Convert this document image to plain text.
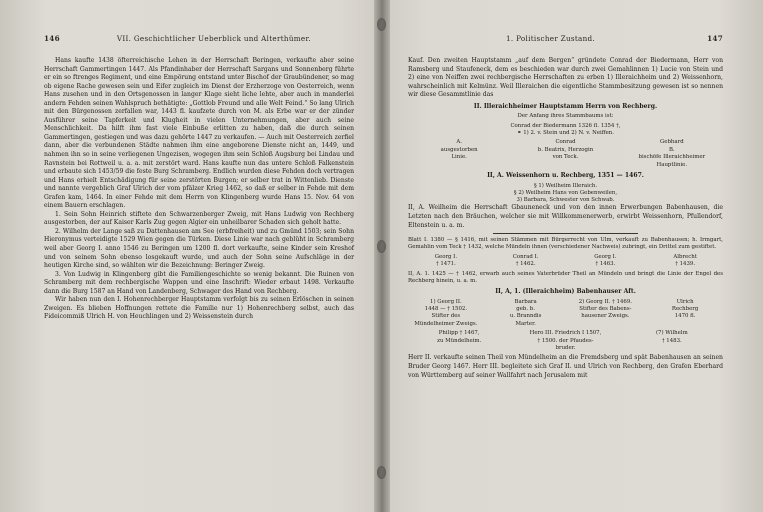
146	VII. Geschichtlicher Ueberblick und Alterthümer.

Hans kaufte 1438 öfterreichische Lehen in der Herrschaft Beringen, verkaufte aber seine Herrschaft Gammertingen 1447. Als Pfandinhaber der Herrschaft Sargans und Sonnenberg führte er ein so ftrenges Regiment, und eine Empörung entstand unter Bischof der Graubündener, so mag ob eigene Rache gewesen sein und Eifer zugleich im Dienst der Erzherzoge von Oesterreich, wenn Hans zusehen und in den Ortsgenossen in langer Klage sieht liche lehte, aber auch in manderlei andern Fehden seinen Wahlspruch bethätigte: „Gottlob Freund und alle Welt Feind.“ So lang Ulrich mit den Bürgenossen zerfallen war, 1443 fl. kaufzete durch von M. als Erbe war er der zünder Ausführer seine Tapferkeit und Klugheit in vielen Unternehmungen, aber auch seine Menschlichkeit. Da hilft ihm fast viele Einbuße erlitten zu haben, daß die durch seinen Gammertingen, gestiegen und was dazu gehörte 1447 zu verkaufen. — Auch mit Oesterreich zerfiel dann, aber die verbundenen Städte nahmen ihm eine angeborene Dienste nicht an, 1449, und nahmen ihn so in seine verliegenen Ungezisen, wogegen ihm sein Schloß Augsburg bei Lindau und Ravnstein bei Rottweil u. a. a. mit zerstört ward. Hans kaufte nun das untere Schloß Falkenstein und erbaute sich 1453/59 die feste Burg Schramberg. Endlich wurden diese Fehden doch vertragen und Hans erhielt Entschädigung für seine zerstörten Burgen; er selber trat in Wittenlieb. Dienste und nannte vergeblich Graf Ulrich der vom pfälzer Krieg 1462, so daß er selber in Fehde mit dem Grafen kam, 1464. In einer Fehde mit dem Herrn von Klingenberg wurde Hans 15. Nov. 64 von einem Bauern erschlagen.

1. Sein Sohn Heinrich stiftete den Schwarzenberger Zweig, mit Hans Ludwig von Rechberg ausgestorben, der auf Kaiser Karls Zug gegen Algier ein unheilbarer Schaden sich geholt hatte.

2. Wilhelm der Lange saß zu Dattenhausen am See (erbfreiheit) und zu Gmünd 1503; sein Sohn Hieronymus verteidigte 1529 Wien gegen die Türken. Diese Linie war nach geblüht in Schramberg weil aber Georg I. anno 1546 zu Beringen um 1200 fl. dort verkaufte, seine Kinder sein Kreshof und von seinem Sohn ebenso losgekauft wurde, und auch der Sohn seine Aufschläge in der heutigen Kirche sind, so wählten wir die Bezeichnung: Beringer Zweig.

3. Von Ludwig in Klingenberg gibt die Familiengeschichte so wenig bekannt. Die Ruinen von Schramberg mit dem rechbergische Wappen und eine Inschrift: Wieder erbaut 1498. Verkaufte dann die Burg 1587 an Hand von Landenberg, Schwager des Hand von Rechberg.

Wir haben nun den I. Hohenrechberger Hauptstamm verfolgt bis zu seinen Erlöschen in seinen Zweigen. Es blieben Hoffnungen rettete die Familie nur 1) Hohenrechberg selbst, auch das Fideicommiß Ulrich H. von Heuchlingen und 2) Weissenstein durch

1. Politischer Zustand.	147

Kauf. Den zweiten Hauptstamm „auf dem Bergen“ gründete Conrad der Biedermann, Herr von Ramsberg und Staufeneck, dem es beschieden war durch zwei Gemahlinnen 1) Lucie von Stein und 2) eine von Neiffen zwei rechbergische Herrschaften zu erben 1) Illeraichheim und 2) Weissenhorn, wahrscheinlich mit Kelmünz. Weil Illeraichen die eigentliche Stammbesitzung gewesen ist so nennen wir diese Gesammtlinie das

II. Illeraichheimer Hauptstamm Herrn von Rechberg.
Der Anfang ihres Stammbaums ist:
Conrad der Biedermann 1326 fl. 1354 †,
⚭ 1) 2. v. Stein und 2) N. v. Neiffen.
A.
ausgestorben
Linie.
Conrad
b. Beatrix, Herzogin
von Teck.
Gebhard
B.
bischöfe Illeraichheimer
Hauptlinie.
II, A. Weissenhorn u. Rechberg, 1351 — 1467.
§ 1) Weilheim Illeraich.
§ 2) Weilheim Hans von Gebenweilen,
3) Barbara, Schwester von Schwab.

II, A. Weilheim die Herrschaft Gbauneneck und von den innen Erwerbungen Babenhausen, die Letzten nach den Bräuchen, welcher sie mit Willkommenerwerb, erwirbt Weissenhorn, Pfullendorf, Eltenstein u. a. m.

Blatt I. 1380 — § 1416, mit seinen Stämmen mit Bürgerrecht von Ulm, verkauft zu Babenhausen; h. Irmgart, Gemahlin vom Teck † 1432, welche Mündeln ihnen (verschiedener Nachweis) zubringt, ein Drittel zum gestiftet.

Georg I.
† 1471.
Conrad I.
† 1462.
Georg I.
† 1463.
Albrecht
† 1439.

II, A. 1. 1425 — † 1462, erwarb auch seines Vaterbrüder Theil an Mündeln und bringt die Linie der Engel des Rechberg hinein, u. a. m.

II, A, 1. (Illeraichheim) Babenhauser Aft.
1) Georg II.
1448 — † 1502.
Stifter des
Mündelheimer Zweigs.
Barbara
geb. b.
u. Branndis
Marter.
2) Georg II. † 1469.
Stifter des Babens-
hausener Zweigs.
Ulrich
Rechberg
1470 fl.
Philipp † 1467,
zu Mündelheim.
Hero III. Friedrich I 1507,
† 1500. der Pfaudes-
bruder.
(7) Wilhelm
† 1483.

Herr II. verkaufte seinen Theil von Mündelheim an die Fremdsberg und spät Babenhausen an seinen Bruder Georg 1467. Herr III. begleitete sich Graf II. und Ulrich von Rechberg, den Grafen Eberhard von Württemberg auf seiner Wallfahrt nach Jerusalem mit
